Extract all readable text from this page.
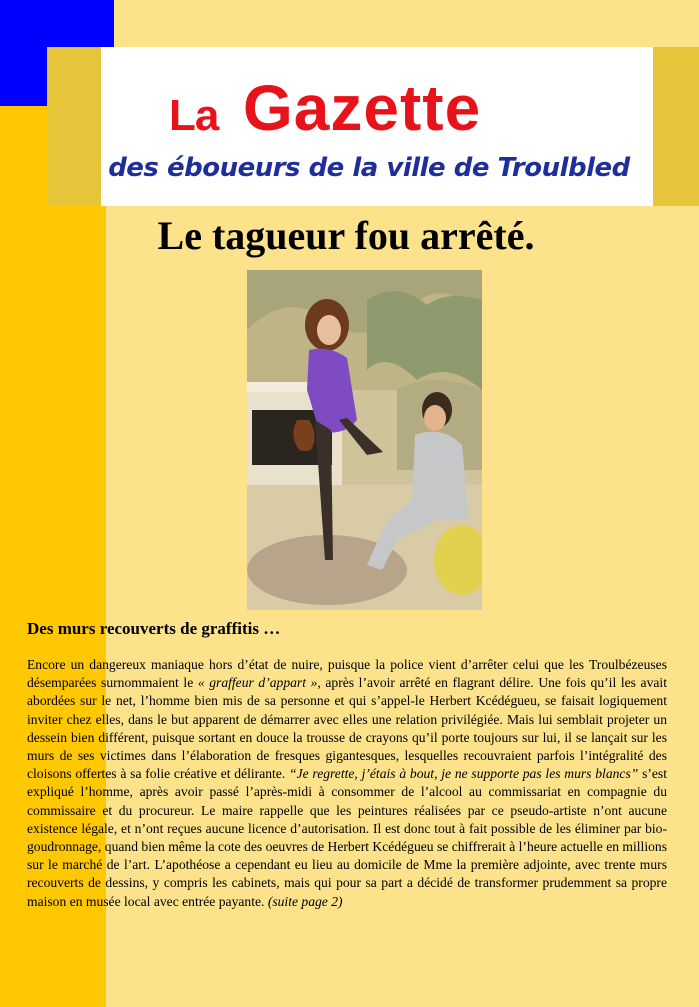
La Gazette
des éboueurs de la ville de Troulbled
Le tagueur fou arrêté.
Des murs recouverts de graffitis …
Encore un dangereux maniaque hors d’état de nuire, puisque la police vient d’arrêter celui que les Troulbézeuses désemparées surnommaient le « graffeur d’appart », après l’avoir arrêté en flagrant délire. Une fois qu’il les avait abordées sur le net, l’homme bien mis de sa personne et qui s’appel-le Herbert Kcédégueu, se faisait logiquement inviter chez elles, dans le but apparent de démarrer avec elles une relation privilégiée. Mais lui semblait projeter un dessein bien différent, puisque sortant en douce la trousse de crayons qu’il porte toujours sur lui, il se lançait sur les murs de ses victimes dans l’élaboration de fresques gigantesques, lesquelles recouvraient parfois l’intégralité des cloisons offertes à sa folie créative et délirante. “Je regrette, j’étais à bout, je ne supporte pas les murs blancs” s’est expliqué l’homme, après avoir passé l’après-midi à consommer de l’alcool au commissariat en compagnie du commissaire et du procureur. Le maire rappelle que les peintures réalisées par ce pseudo-artiste n’ont aucune existence légale, et n’ont reçues aucune licence d’autorisation. Il est donc tout à fait possible de les éliminer par bio-goudronnage, quand bien même la cote des oeuvres de Herbert Kcédégueu se chiffrerait à l’heure actuelle en millions sur le marché de l’art. L’apothéose a cependant eu lieu au domicile de Mme la première adjointe, avec trente murs recouverts de dessins, y compris les cabinets, mais qui pour sa part a décidé de transformer prudemment sa propre maison en musée local avec entrée payante. (suite page 2)
